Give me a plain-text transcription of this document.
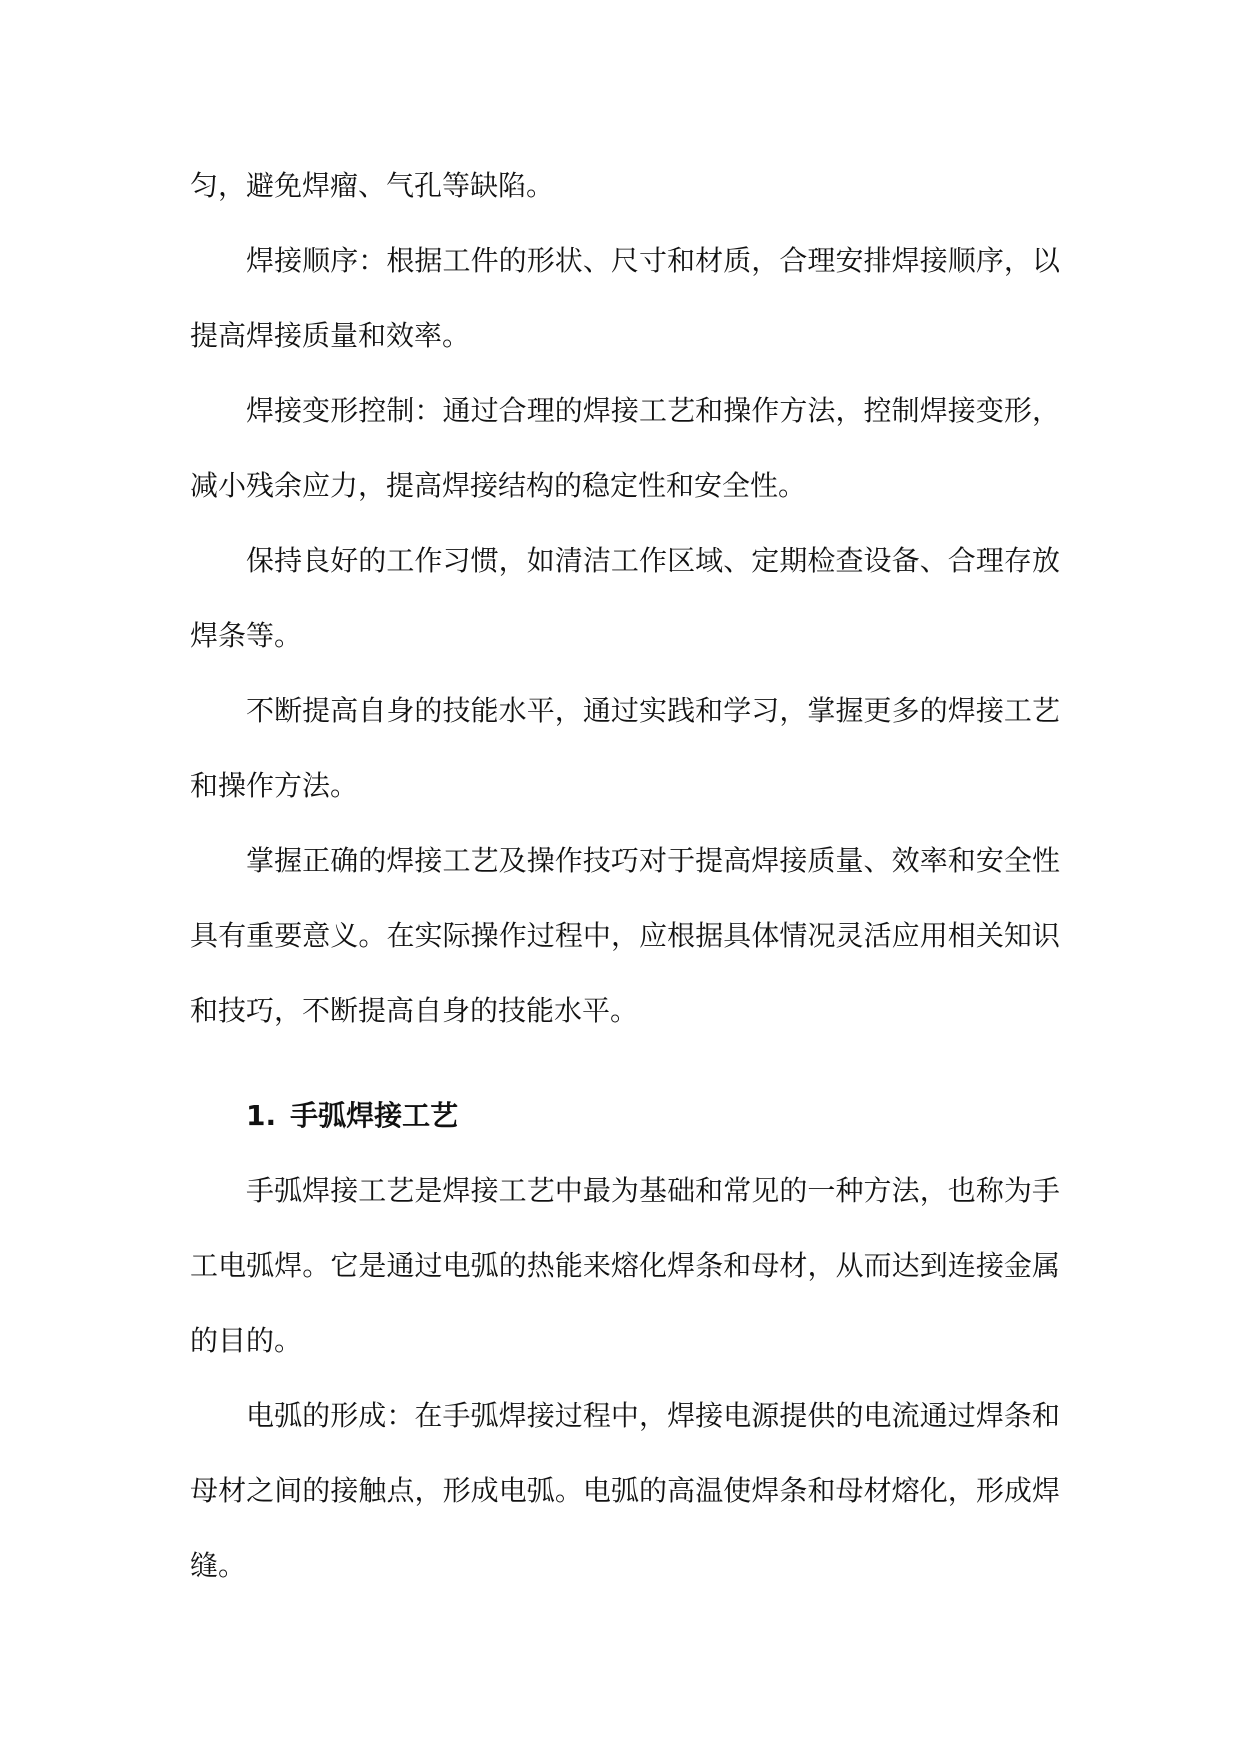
匀，避免焊瘤、气孔等缺陷。

焊接顺序：根据工件的形状、尺寸和材质，合理安排焊接顺序，以提高焊接质量和效率。

焊接变形控制：通过合理的焊接工艺和操作方法，控制焊接变形，减小残余应力，提高焊接结构的稳定性和安全性。

保持良好的工作习惯，如清洁工作区域、定期检查设备、合理存放焊条等。

不断提高自身的技能水平，通过实践和学习，掌握更多的焊接工艺和操作方法。

掌握正确的焊接工艺及操作技巧对于提高焊接质量、效率和安全性具有重要意义。在实际操作过程中，应根据具体情况灵活应用相关知识和技巧，不断提高自身的技能水平。

1. 手弧焊接工艺

手弧焊接工艺是焊接工艺中最为基础和常见的一种方法，也称为手工电弧焊。它是通过电弧的热能来熔化焊条和母材，从而达到连接金属的目的。

电弧的形成：在手弧焊接过程中，焊接电源提供的电流通过焊条和母材之间的接触点，形成电弧。电弧的高温使焊条和母材熔化，形成焊缝。
